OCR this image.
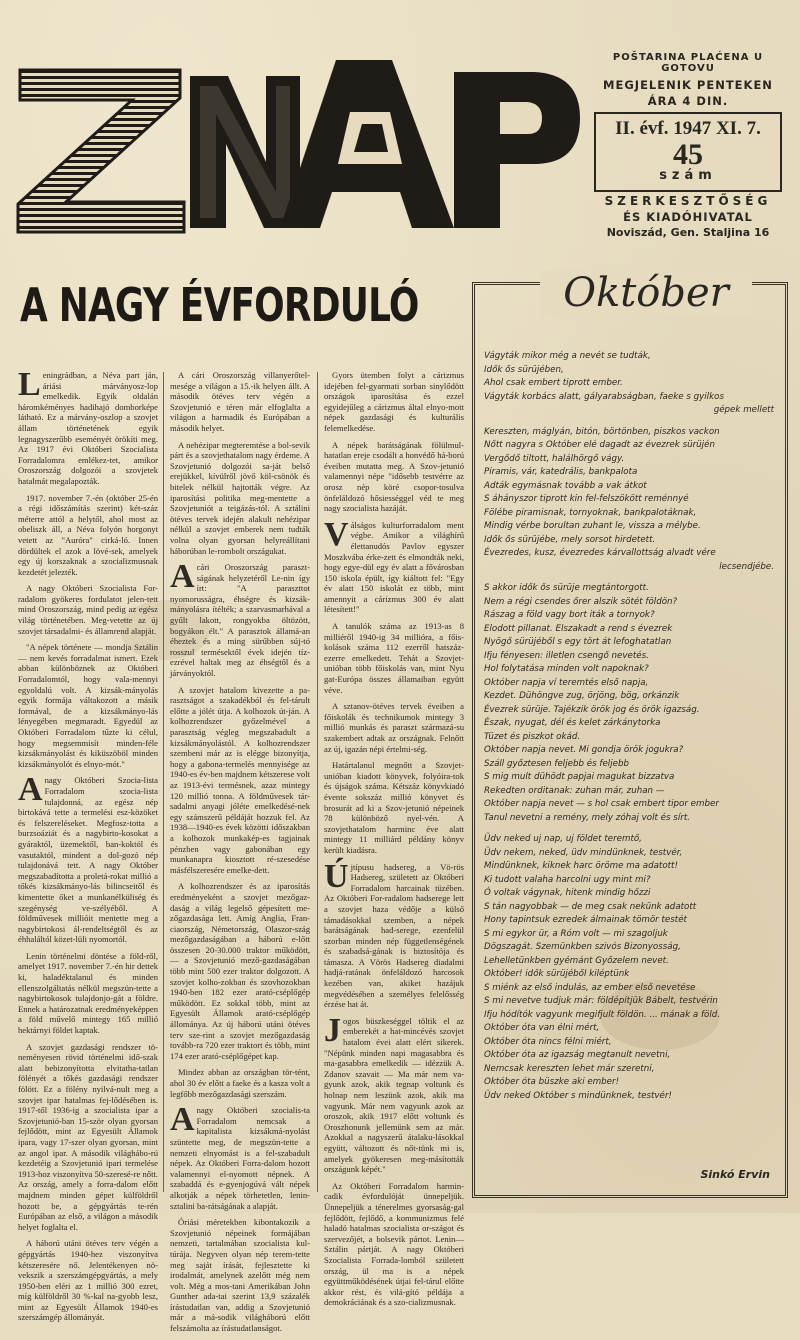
NAP	POŠTARINA PLAĆENA U GOTOVU
MEGJELENIK PENTEKEN
ÁRA 4 DIN.
II. évf. 1947 XI. 7.
45
szám
SZERKESZTŐSÉG
ÉS KIADÓHIVATAL
Noviszád, Gen. Staljina 16
A NAGY ÉVFORDULÓ

Leningrádban, a Néva part ján, áriási márványosz-lop emelkedik. Egyik oldalán háromkéményes hadihajó domborképe látható. Ez a márvány-oszlop a szovjet állam történetének egyik legnagyszerűbb eseményét örökíti meg. Az 1917 évi Októberi Szocialista Forradalomra emlékez-tet, amikor Oroszország dolgozói a szovjetek hatalmát megalapozták.

1917. november 7.-én (október 25-én a régi időszámítás szerint) két-száz méterre attól a helytől, ahol most az obeliszk áll, a Néva folyón horgonyt vetett az "Auróra" cirká-ló. Innen dördültek el azok a lövé-sek, amelyek egy új korszaknak a szocializmusnak kezdetét jelezték.

A nagy Októberi Szocialista For-radalom gyökeres fordulatot jelen-tett mind Oroszország, mind pedig az egész világ történetében. Meg-vetette az új szovjet társadalmi- és államrend alapját.

"A népek története — mondja Sztálin — nem kevés forradalmat ismert. Ezek abban különböznek az Októberi Forradalomtól, hogy vala-mennyi egyoldalú volt. A kizsák-mányolás egyik formája váltakozott a másik formával, de a kizsákmányo-lás lényegében megmaradt. Egyedül az Októberi Forradalom tűzte ki célul, hogy megsemmisít minden-féle kizsákmányolást és kiküszöböl minden kizsákmányolót és elnyo-mót."

A nagy Októberi Szocia-lista Forradalom szocia-lista tulajdonná, az egész nép birtokává tette a termelési esz-közöket és felszereléseket. Megfosz-totta a burzsoáziát és a nagybirto-kosokat a gyáraktól, üzemektől, ban-koktól és vasutaktól, mindent a dol-gozó nép tulajdonává tett. A nagy Október megszabadította a proletá-rokat millió a tőkés kizsákmányo-lás bilincseitől és kimentette őket a munkanélküliség és szegénység ve-szélyéből. A földművesek millióit mentette meg a nagybirtokosi ál-rendeltségtől és az éhhaláltól közet-lüli nyomortól.

Lenin történelmi döntése a föld-ről, amelyet 1917. november 7.-én hir dettek ki, haladéktalanul és minden ellenszolgáltatás nélkül megszün-tette a nagybirtokosok tulajdonjo-gát a földre. Ennek a határozatnak eredményeképpen a föld művelő mintegy 165 millió hektárnyi földet kaptak.

A szovjet gazdasági rendszer tö-neményesen rövid történelmi idő-szak alatt bebizonyította elvitatha-tatlan fölényét a tőkés gazdasági rendszer fölött. Ez a fölény nyilvá-nult meg a szovjet ipar hatalmas fej-lődésében is. 1917-től 1936-ig a szocialista ipar a Szovjetunió-ban 15-ször olyan gyorsan fejlődött, mint az Egyesült Államok ipara, vagy 17-szer olyan gyorsan, mint az angol ipar. A második világhábo-rú kezdetéig a Szovjetunió ipari termelése 1913-hoz viszonyítva 50-szeresé-re nőtt. Az ország, amely a forra-dalom előtt majdnem minden gépet külföldről hozott be, a gépgyártás te-rén Európában az első, a világon a második helyet foglalta el.

A háború utáni ötéves terv végén a gépgyártás 1940-hez viszonyítva kétszeresére nő. Jelentékenyen nö-vekszik a szerszámgépgyártás, a mely 1950-ben eléri az 1 millió 300 ezret, míg külföldről 30 %-kal na-gyobb lesz, mint az Egyesült Államok 1940-es szerszámgép állományát.

A cári Oroszország villanyerőtel-mesége a világon a 15.-ik helyen állt. A második ötéves terv végén a Szovjetunió e téren már elfoglalta a világon a harmadik és Európában a második helyet.

A nehézipar megteremtése a bol-sevik párt és a szovjethatalom nagy érdeme. A Szovjetunió dolgozói sa-ját belső erejükkel, kívülről jövő köl-csönök és bitelek nélkül hajtották végre. Az iparosítási politika meg-mentette a Szovjetuniót a teigázás-tól. A sztálini ötéves tervek idején alakult nehézipar nélkül a szovjet emberek nem tudták volna olyan gyorsan helyreállítani háborúban le-rombolt országukat.

A cári Oroszország paraszt-ságának helyzetéről Le-nin így írt: "A paraszttot nyomorusságra, éhségre és kizsák-mányolásra ítélték; a szarvasmarhával a gyűlt lakott, rongyokba öltözött, bogyákon élt." A parasztok államá-an éheztek és a ming sürűbben súj-tó rosszul termésektől évek idején tíz-ezrével haltak meg az éhségtől és a járványoktól.

A szovjet hatalom kivezette a pa-rasztságot a szakadékból és fel-tárult előtte a jólét útja. A kolhozok út-ján. A kolhozrendszer győzelmével a parasztság végleg megszabadult a kizsákmányolástól. A kolhozrendszer szembeni már az is elégge bizonyítja, hogy a gabona-termelés mennyisége az 1940-es év-ben majdnem kétszerese volt az 1913-évi termésnek, azaz mintegy 120 millió tonna. A földművesek tár-sadalmi anyagi jóléte emelkedésé-nek egy számszerű példáját hozzuk fel. Az 1938—1940-es évek közötti időszakban a kolhozok munkakép-es tagjainak pénzben vagy gabonában egy munkanapra kiosztott ré-szesedése másfélszeresére emelke-dett.

A kolhozrendszer és az iparosítás eredményeként a szovjet mezőgaz-daság a világ legelső gépesített me-zőgazdasága lett. Amíg Anglia, Fran-ciaország, Németország, Olaszor-szág mezőgazdaságában a háború e-lőtt összesen 20-30.000 traktor működött, — a Szovjetunió mező-gazdaságában több mint 500 ezer traktor dolgozott. A szovjet kolho-zokban és szovhozokban 1940-ben 182 ezer arató-cséplőgép működött. Ez sokkal több, mint az Egyesült Államok arató-cséplőgép állománya. Az új háború utáni ötéves terv sze-rint a szovjet mezőgazdaság tovább-ra 720 ezer traktort és több, mint 174 ezer arató-cséplőgépet kap.

Mindez abban az országban tör-tént, ahol 30 év előtt a faeke és a kasza volt a legfőbb mezőgazdasági szerszám.

A nagy Októberi szocialis-ta Forradalom nemcsak a kapitalista kizsákmá-nyolást szüntette meg, de megszün-tette a nemzeti elnyomást is a fel-szabadult népek. Az Októberi Forra-dalom hozott valamennyi el-nyomott népnek. A szabaddá és e-gyenjogúvá vált népek alkotják a népek törhetetlen, lenin-sztalini ba-rátságának a alapját.

Óriási méretekben kibontakozik a Szovjetunió népeinek formájában nemzeti, tartalmában szocialista kul-túrája. Negyven olyan nép terem-tette meg saját írását, fejlesztette ki irodalmát, amelynek azelőtt még nem volt. Még a mos-tani Amerikában John Gunther ada-tai szerint 13,9 százalék írástudatlan van, addig a Szovjetunió már a má-sodik világháború előtt felszámolta az írástudatlanságot.

Gyors ütemben folyt a cárizmus idejében fel-gyarmati sorban sinylődött országok iparosítása és ezzel egyidejűleg a cárizmus által elnyo-mott népek gazdasági és kulturális felemelkedése.

A népek barátságának fölülmul-hatatlan ereje csodált a honvédő há-ború éveiben mutatta meg. A Szov-jetunió valamennyi népe "idősebb testvérre az orosz nép köré csopor-tosulva önfeláldozó hősiességgel véd te meg nagy szocialista hazáját.

Válságos kulturforradalom ment végbe. Amikor a világhírű élettanudós Pavlov egyszer Moszkvába érke-zett és elmondták neki, hogy egye-dül egy év alatt a fővárosban 150 iskola épült, így kiáltott fel: "Egy év alatt 150 iskolát ez több, mint amennyit a cárizmus 300 év alatt létesített!"

A tanulók száma az 1913-as 8 milliéről 1940-ig 34 millióra, a főis-kolások száma 112 ezerről hatszáz-ezerre emelkedett. Tehát a Szovjet-unióban több főiskolás van, mint Nyu gat-Európa összes államaiban együtt véve.

A sztanov-ötéves tervek éveiben a főiskolák és technikumok mintegy 3 millió munkás és paraszt származá-su szakembert adtak az országnak. Felnőtt az új, igazán népi értelmi-ség.

Határtalanul megnőtt a Szovjet-unióban kiadott könyvek, folyóira-tok és újságok száma. Kétszáz könyvkiadó évente sokszáz millió könyvet és brosurát ad ki a Szov-jetunió népeinek 78 különböző nyel-vén. A szovjethatalom harminc éve alatt mintegy 11 milliárd példány könyv került kiadásra.

Újtípusu hadsereg, a Vö-rös Hadsereg, született az Októberi Forradalom harcainak tüzében. Az Októberi For-radalom hadserege lett a szovjet haza védője a külső támadásokkal szemben, a népek barátságának had-serege, ezenfelül szorban minden nép függetlenségének és szabadsá-gának is biztosítója és támasza. A Vörös Hadsereg diadalmi hadjá-ratának önfeláldozó harcosok kezében van, akiket hazájuk megvédésében a személyes felelősség érzése hat át.

Jogos büszkeséggel töltik el az emberekét a hat-mincévés szovjet hatalom évei alatt elért sikerek. "Népünk minden napi magasabbra és ma-gasabbra emelkedik — idézzük A. Zdanov szavait — Ma már nem va-gyunk azok, akik tegnap voltunk és holnap nem leszünk azok, akik ma vagyunk. Már nem vagyunk azok az oroszok, akik 1917 előtt voltunk és Oroszhonunk jellemünk sem az már. Azokkal a nagyszerű átalaku-lásokkal együtt, változott és nőt-tünk mi is, amelyek gyökeresen meg-másították országunk képét."

Az Októberi Forradalom harmin-cadik évfordulóját ünnepeljük. Ünnepeljük a ténerelmes gyorsaság-gal fejlődött, fejlődő, a kommunizmus felé haladó hatalmas szocialista or-szágot és szervezőjét, a bolsevik pártot. Lenin—Sztálin pártját. A nagy Októberi Szocialista Forrada-lomból született ország, ül ma is a népek együttműködésének útjai fel-tárul előtte akkor rést, és vilá-gító példája a demokráciának és a szo-cializmusnak.

Október
Vágyták mikor még a nevét se tudták,
Idők ős sürüjében,
Ahol csak embert tiprott ember.
Vágyták korbács alatt, gályarabságban, faeke s gyilkos
gépek mellett
Kereszten, máglyán, bitón, börtönben, piszkos vackon
Nőtt nagyra s Október elé dagadt az évezrek sürüjén
Vergődő tiltott, halálhörgő vágy.
Piramis, vár, katedrális, bankpalota
Adták egymásnak tovább a vak átkot
S áhányszor tiprott kin fel-felszökött reménnyé
Fölébe piramisnak, tornyoknak, bankpalotáknak,
Mindig vérbe borultan zuhant le, vissza a mélybe.
Idők ős sürüjébe, mely sorsot hirdetett.
Évezredes, kusz, évezredes kárvallottság alvadt vére
lecsendjébe.
S akkor idők ős sürüje megtántorgott.
Nem a régi csendes őrer alszik sötét földön?
Rászag a föld vagy bort iták a tornyok?
Elodott pillanat. Elszakadt a rend s évezrek
Nyögő sürüjéből s egy tört át lefoghatatlan
Ifju fényesen: illetlen csengő nevetés.
Hol folytatása minden volt napoknak?
Október napja ví teremtés első napja,
Kezdet. Dühöngve zug, örjöng, bög, orkánzik
Évezrek sürüje. Tajékzik örök jog és örök igazság.
Észak, nyugat, dél és kelet zárkánytorka
Tüzet és piszkot okád.
Október napja nevet. Mi gondja örök jogukra?
Száll győztesen feljebb és feljebb
S mig mult dühödt papjai magukat bizzatva
Rekedten orditanak: zuhan már, zuhan —
Október napja nevet — s hol csak embert tipor ember
Tanul nevetni a remény, mely zóhaj volt és sírt.
Üdv neked uj nap, uj földet teremtő,
Üdv nekem, neked, üdv mindünknek, testvér,
Mindünknek, kiknek harc öröme ma adatott!
Ki tudott valaha harcolni ugy mint mi?
Ó voltak vágynak, hitenk mindig hőzzi
S tán nagyobbak — de meg csak nekünk adatott
Hony tapintsuk ezredek álmainak tömör testét
S mi egykor ür, a Róm volt — mi szagoljuk
Dögszagát. Szemünkben szivós Bizonyosság,
Lehelletünkben gyémánt Győzelem nevet.
Október! idők sürüjéből kiléptünk
S miénk az első indulás, az ember első nevetése
S mi nevetve tudjuk már: földépítjük Bábelt, testvérin
Ifju hódítók vagyunk megifjult földön. ... mának a föld.
Október óta van élni mért,
Október óta nincs félni miért,
Október óta az igazság megtanult nevetni,
Nemcsak kereszten lehet már szeretni,
Október óta büszke aki ember!
Üdv neked Október s mindünknek, testvér!
Sinkó Ervin
